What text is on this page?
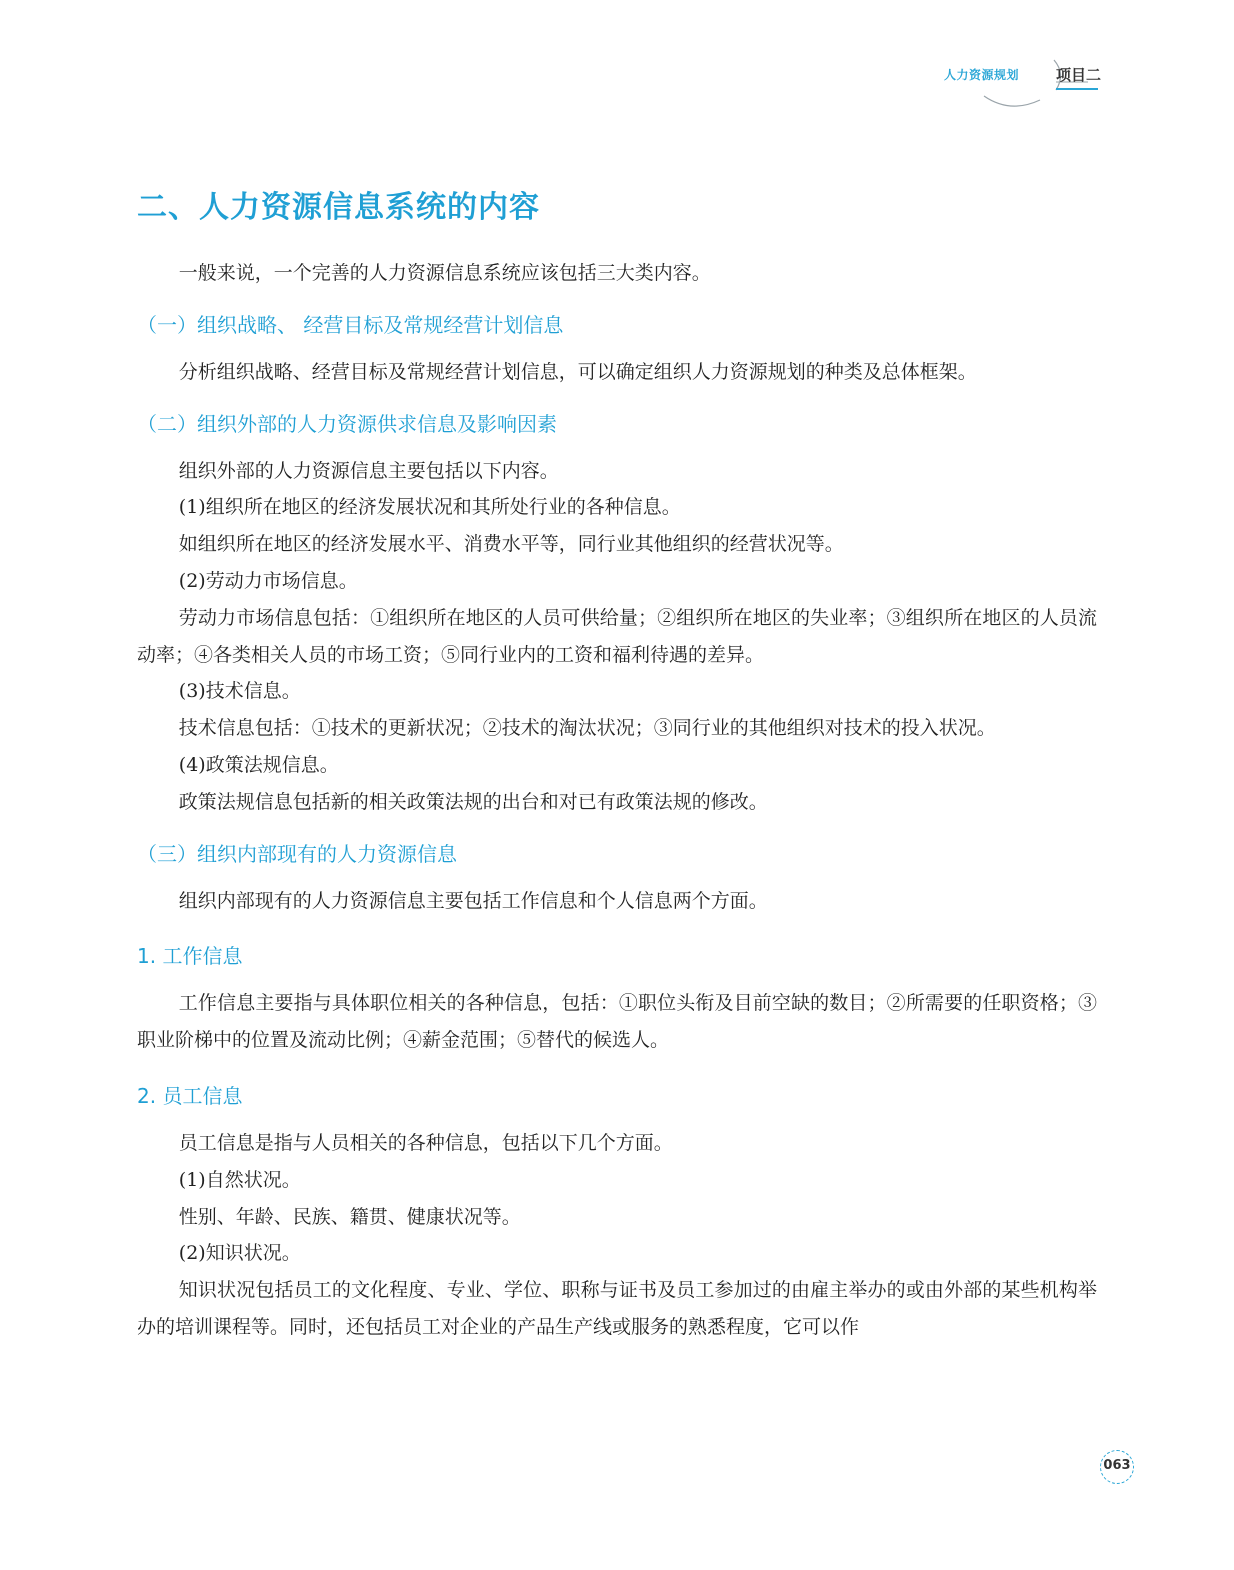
人力资源规划 项目二
二、人力资源信息系统的内容

一般来说，一个完善的人力资源信息系统应该包括三大类内容。

（一）组织战略、 经营目标及常规经营计划信息

分析组织战略、经营目标及常规经营计划信息，可以确定组织人力资源规划的种类及总体框架。

（二）组织外部的人力资源供求信息及影响因素

组织外部的人力资源信息主要包括以下内容。

(1)组织所在地区的经济发展状况和其所处行业的各种信息。

如组织所在地区的经济发展水平、消费水平等，同行业其他组织的经营状况等。

(2)劳动力市场信息。

劳动力市场信息包括：①组织所在地区的人员可供给量；②组织所在地区的失业率；③组织所在地区的人员流动率；④各类相关人员的市场工资；⑤同行业内的工资和福利待遇的差异。

(3)技术信息。

技术信息包括：①技术的更新状况；②技术的淘汰状况；③同行业的其他组织对技术的投入状况。

(4)政策法规信息。

政策法规信息包括新的相关政策法规的出台和对已有政策法规的修改。

（三）组织内部现有的人力资源信息

组织内部现有的人力资源信息主要包括工作信息和个人信息两个方面。

1. 工作信息

工作信息主要指与具体职位相关的各种信息，包括：①职位头衔及目前空缺的数目；②所需要的任职资格；③职业阶梯中的位置及流动比例；④薪金范围；⑤替代的候选人。

2. 员工信息

员工信息是指与人员相关的各种信息，包括以下几个方面。

(1)自然状况。

性别、年龄、民族、籍贯、健康状况等。

(2)知识状况。

知识状况包括员工的文化程度、专业、学位、职称与证书及员工参加过的由雇主举办的或由外部的某些机构举办的培训课程等。同时，还包括员工对企业的产品生产线或服务的熟悉程度，它可以作

063
